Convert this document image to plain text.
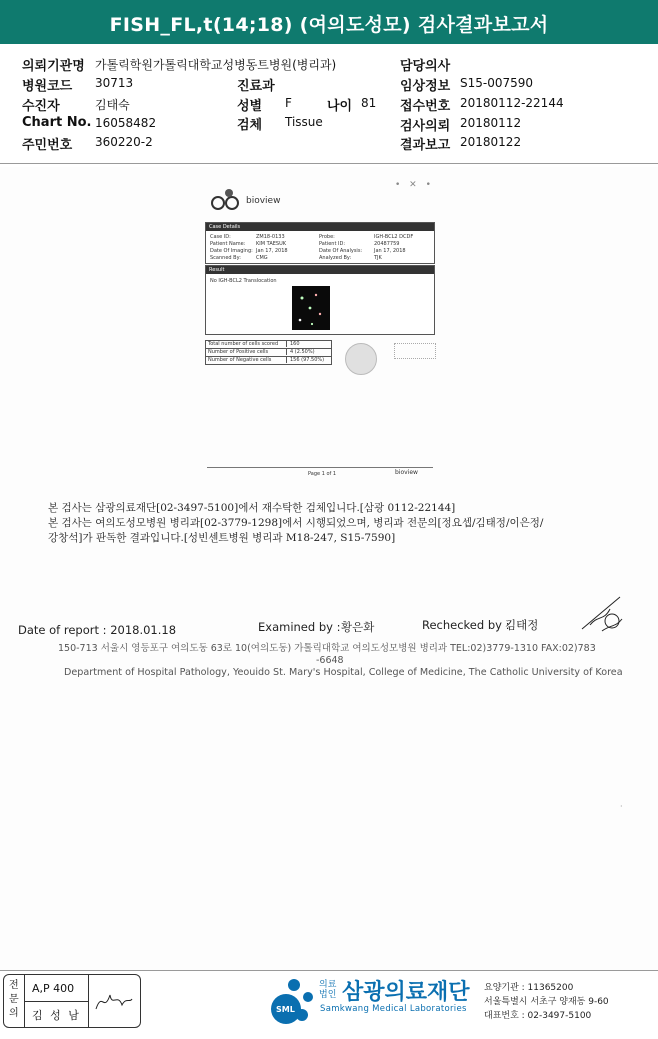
FISH_FL,t(14;18) (여의도성모) 검사결과보고서
의뢰기관명 가톨릭학원가톨릭대학교성병동트병원(병리과)	담당의사
병원코드 30713	진료과	임상정보 S15-007590
수진자	김태숙	성별 F	나이 81 접수번호 20180112-22144
Chart No. 16058482	검체 Tissue	검사의뢰 20180112
주민번호 360220-2	결과보고 20180122
bioview
• ✕ •
Case Details
Case ID:	ZM18-0133	Probe:	IGH-BCL2 DCDF
Patient Name: KIM TAESUK	Patient ID:	20487759
Date Of Imaging: Jan 17, 2018	Date Of Analysis: Jan 17, 2018
Scanned By:	CMG	Analyzed By:	TJK
Result
No IGH-BCL2 Translocation
Total number of cells scored	160
Number of Positive cells	4 (2.50%)
Number of Negative cells	156 (97.50%)
Page 1 of 1	bioview
본 검사는 삼광의료재단[02-3497-5100]에서 재수탁한 검체입니다.[삼광 0112-22144]
본 검사는 여의도성모병원 병리과[02-3779-1298]에서 시행되었으며, 병리과 전문의[정요셉/김태정/이은정/
강창석]가 판독한 결과입니다.[성빈센트병원 병리과 M18-247, S15-7590]
Date of report : 2018.01.18	Examined by : 황은화	Rechecked by :
김태정
150-713 서울시 영등포구 여의도동 63로 10(여의도동) 가톨릭대학교 여의도성모병원 병리과 TEL:02)3779-1310 FAX:02)783
-6648
Department of Hospital Pathology, Yeouido St. Mary's Hospital, College of Medicine, The Catholic University of Korea
·
전문의
A,P 400
김 성 남	SML
의료
법인 삼광의료재단
Samkwang Medical Laboratories
요양기관 : 11365200
서울특별시 서초구 양재동 9-60
대표번호 : 02-3497-5100
